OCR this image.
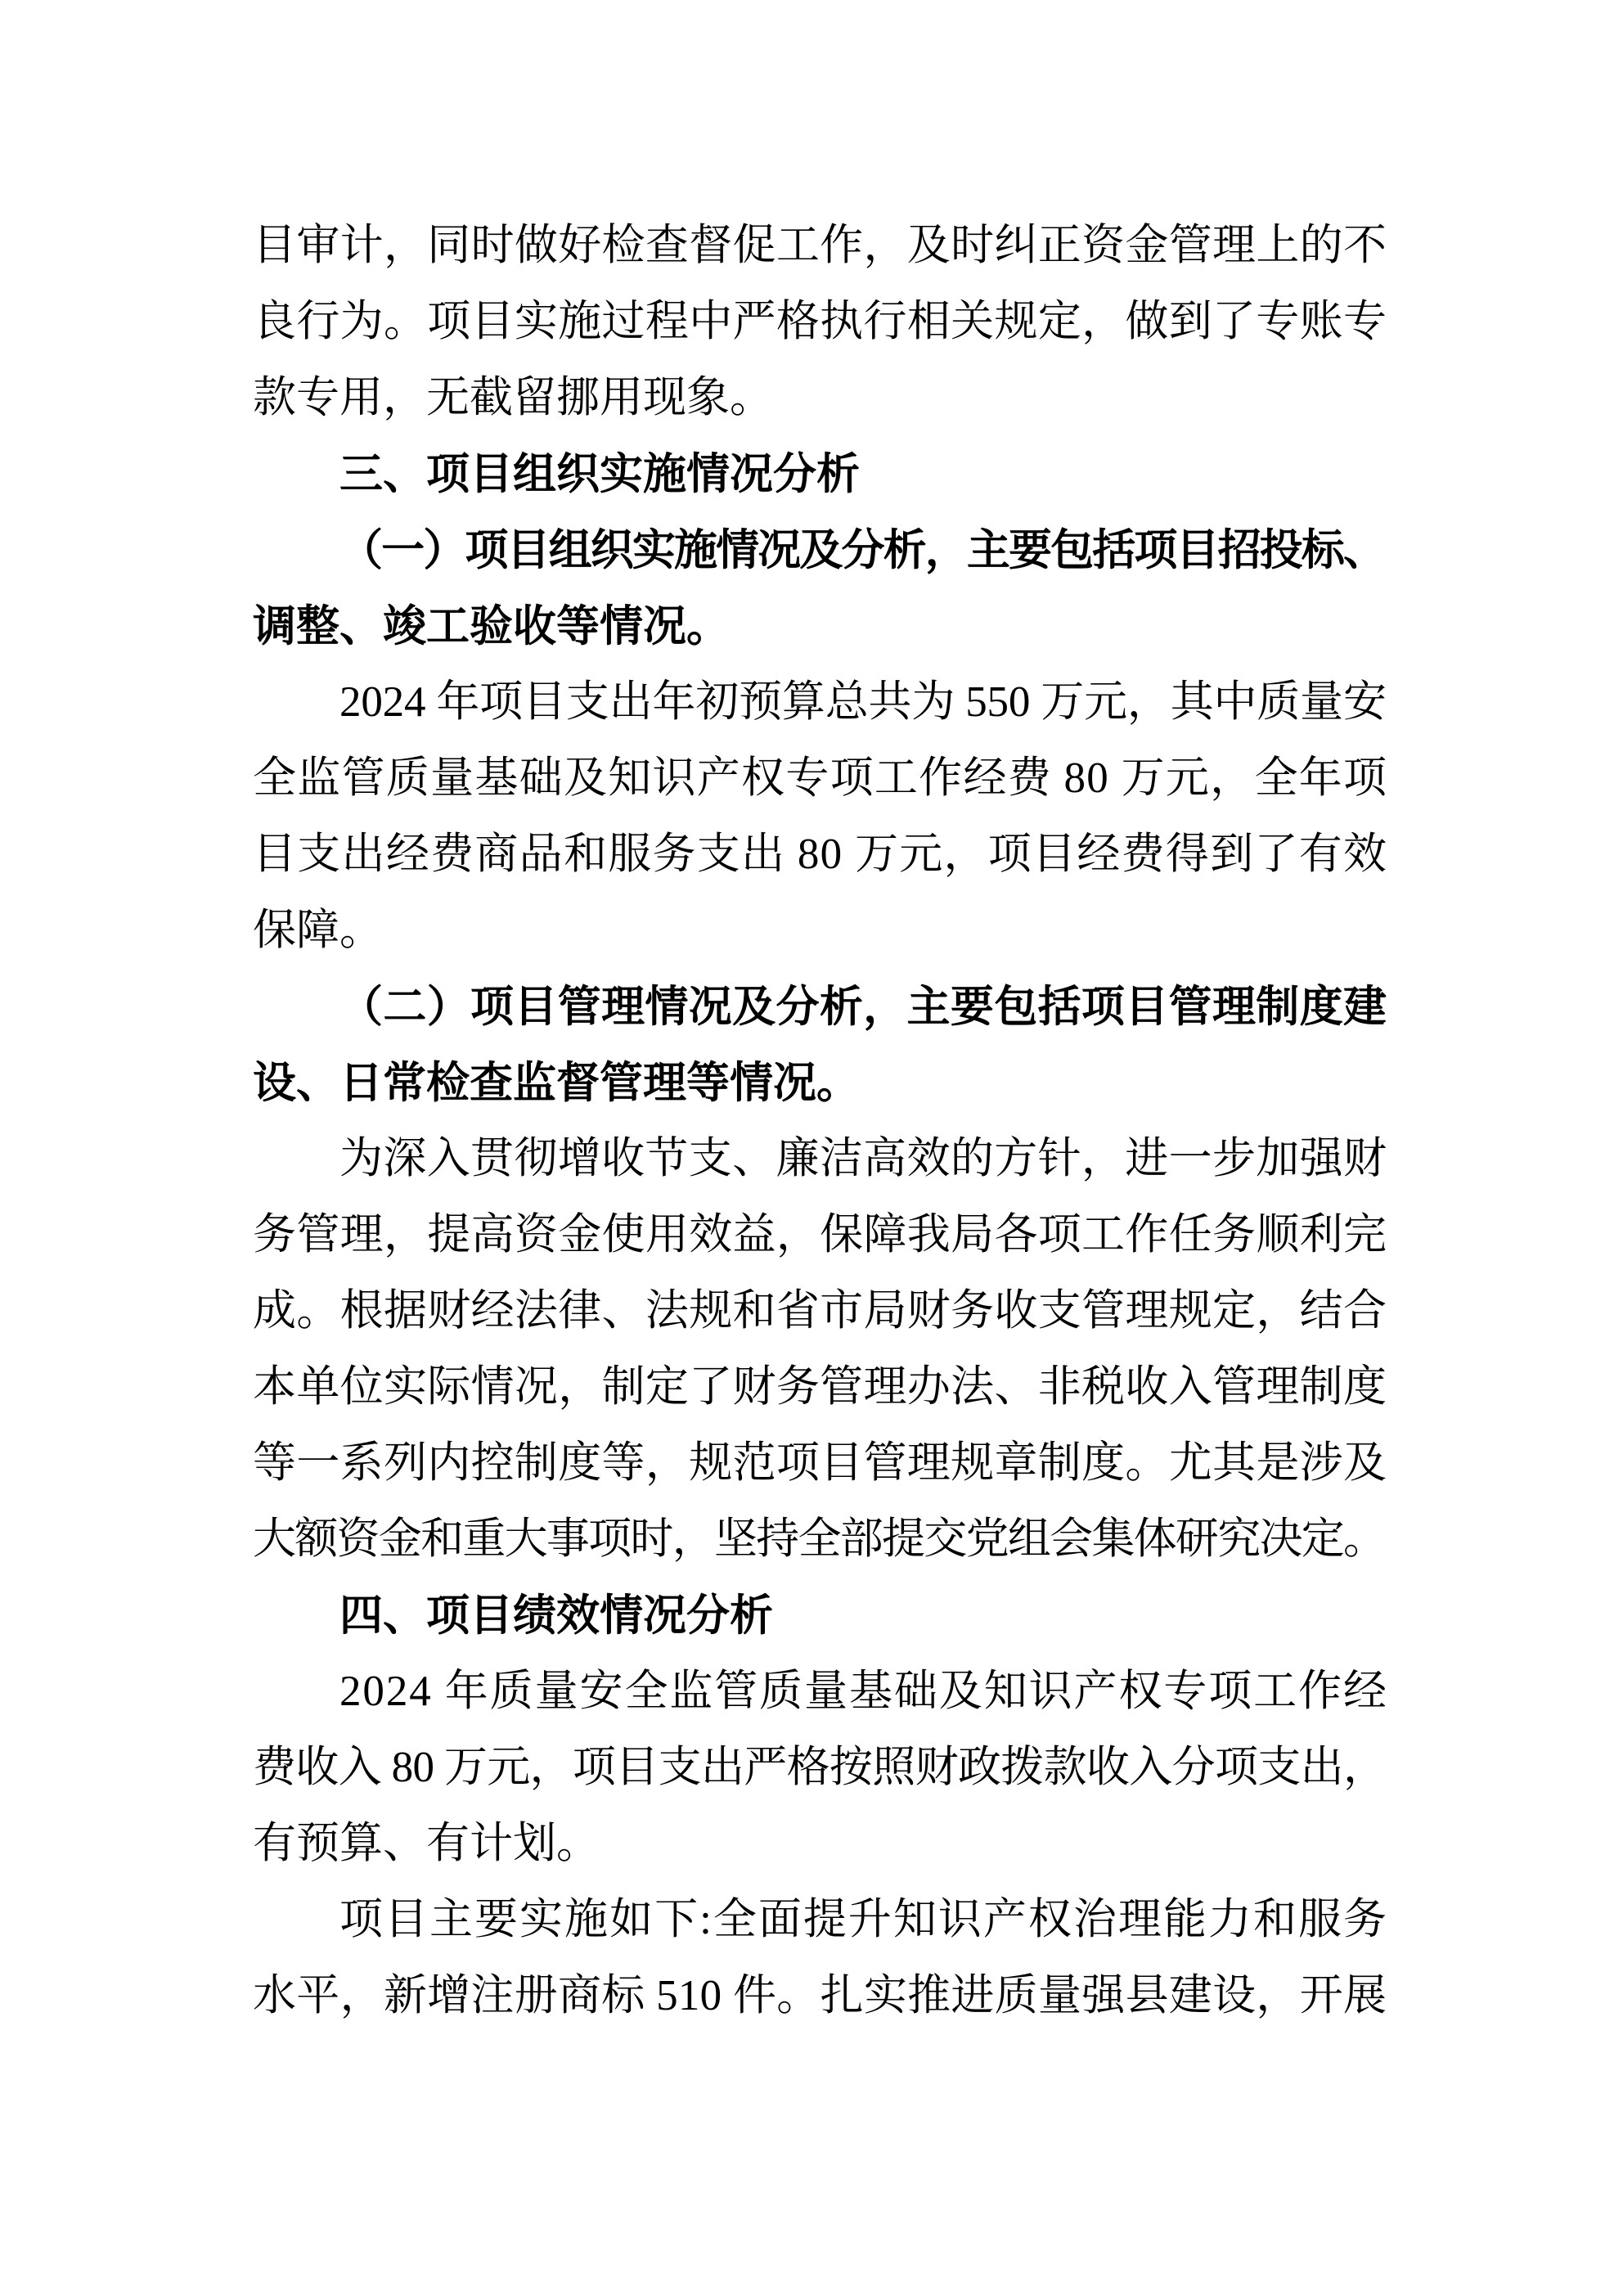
目审计，同时做好检查督促工作，及时纠正资金管理上的不
良行为。项目实施过程中严格执行相关规定，做到了专账专
款专用，无截留挪用现象。
三、项目组织实施情况分析
（一）项目组织实施情况及分析，主要包括项目招投标、
调整、竣工验收等情况。
2024 年项目支出年初预算总共为 550 万元，其中质量安
全监管质量基础及知识产权专项工作经费 80 万元，全年项
目支出经费商品和服务支出 80 万元，项目经费得到了有效
保障。
（二）项目管理情况及分析，主要包括项目管理制度建
设、日常检查监督管理等情况。
为深入贯彻增收节支、廉洁高效的方针，进一步加强财
务管理，提高资金使用效益，保障我局各项工作任务顺利完
成。根据财经法律、法规和省市局财务收支管理规定，结合
本单位实际情况，制定了财务管理办法、非税收入管理制度
等一系列内控制度等，规范项目管理规章制度。尤其是涉及
大额资金和重大事项时，坚持全部提交党组会集体研究决定。
四、项目绩效情况分析
2024 年质量安全监管质量基础及知识产权专项工作经
费收入 80 万元，项目支出严格按照财政拨款收入分项支出，
有预算、有计划。
项目主要实施如下:全面提升知识产权治理能力和服务
水平，新增注册商标 510 件。扎实推进质量强县建设，开展
